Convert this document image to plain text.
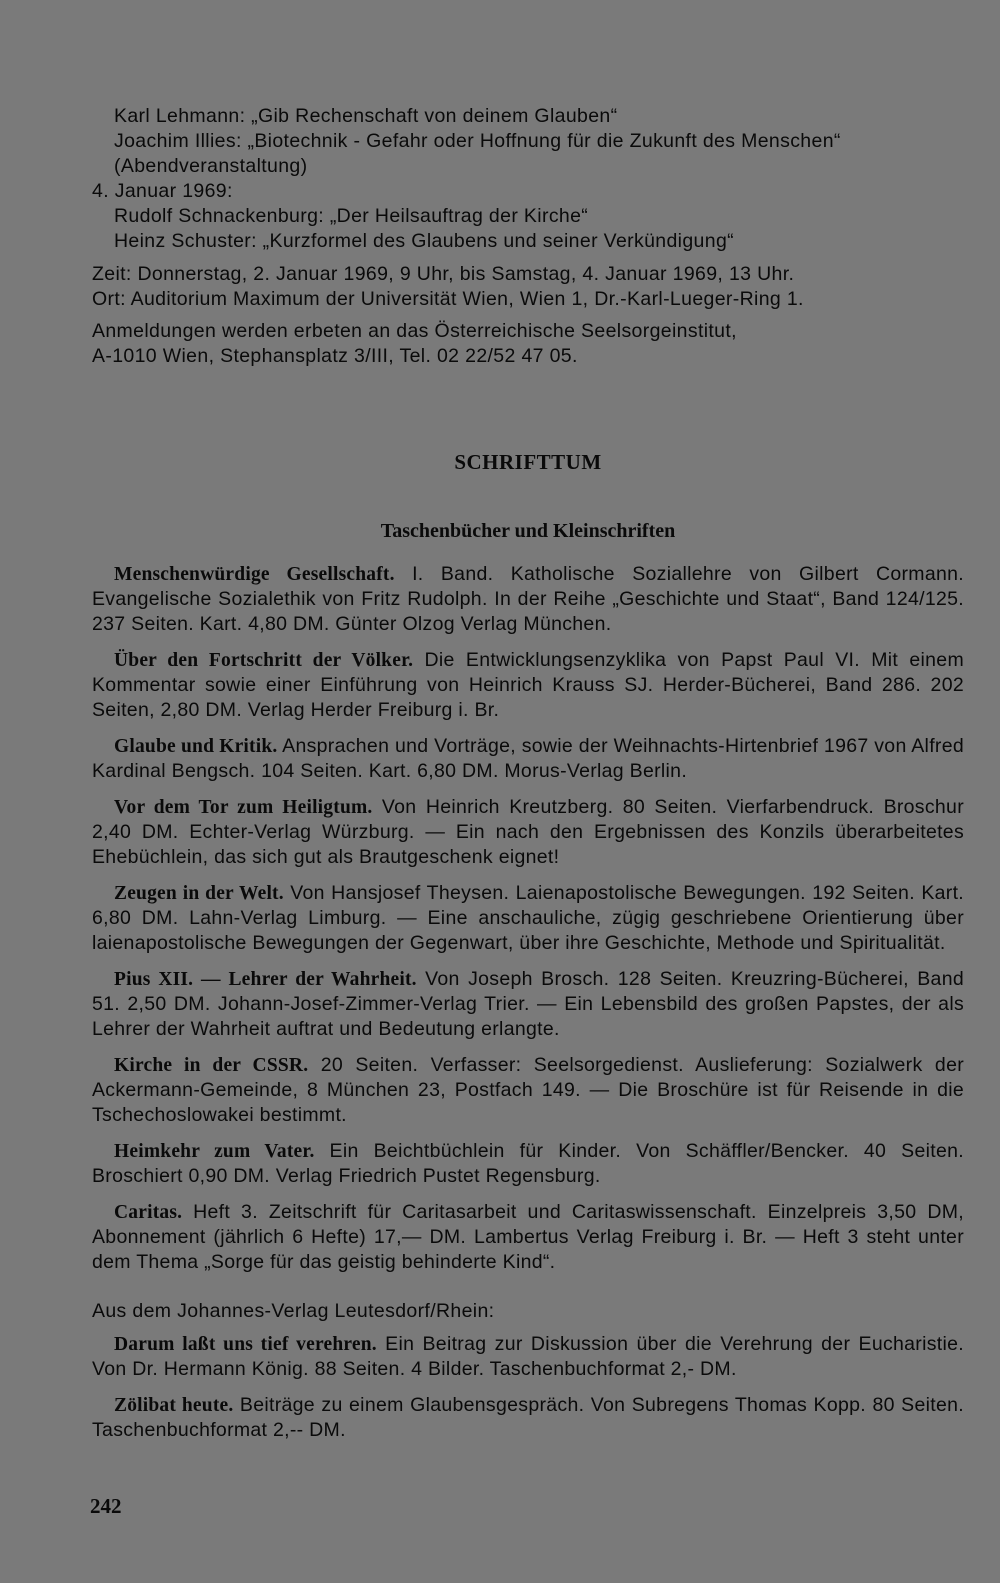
Karl Lehmann: „Gib Rechenschaft von deinem Glauben“
Joachim Illies: „Biotechnik - Gefahr oder Hoffnung für die Zukunft des Menschen“
(Abendveranstaltung)
4. Januar 1969:
Rudolf Schnackenburg: „Der Heilsauftrag der Kirche“
Heinz Schuster: „Kurzformel des Glaubens und seiner Verkündigung“
Zeit: Donnerstag, 2. Januar 1969, 9 Uhr, bis Samstag, 4. Januar 1969, 13 Uhr.
Ort: Auditorium Maximum der Universität Wien, Wien 1, Dr.-Karl-Lueger-Ring 1.
Anmeldungen werden erbeten an das Österreichische Seelsorgeinstitut,
A-1010 Wien, Stephansplatz 3/III, Tel. 02 22/52 47 05.
SCHRIFTTUM
Taschenbücher und Kleinschriften
Menschenwürdige Gesellschaft. I. Band. Katholische Soziallehre von Gilbert Cormann. Evangelische Sozialethik von Fritz Rudolph. In der Reihe „Geschichte und Staat“, Band 124/125. 237 Seiten. Kart. 4,80 DM. Günter Olzog Verlag München.
Über den Fortschritt der Völker. Die Entwicklungsenzyklika von Papst Paul VI. Mit einem Kommentar sowie einer Einführung von Heinrich Krauss SJ. Herder-Bücherei, Band 286. 202 Seiten, 2,80 DM. Verlag Herder Freiburg i. Br.
Glaube und Kritik. Ansprachen und Vorträge, sowie der Weihnachts-Hirtenbrief 1967 von Alfred Kardinal Bengsch. 104 Seiten. Kart. 6,80 DM. Morus-Verlag Berlin.
Vor dem Tor zum Heiligtum. Von Heinrich Kreutzberg. 80 Seiten. Vierfarbendruck. Broschur 2,40 DM. Echter-Verlag Würzburg. — Ein nach den Ergebnissen des Konzils überarbeitetes Ehebüchlein, das sich gut als Brautgeschenk eignet!
Zeugen in der Welt. Von Hansjosef Theysen. Laienapostolische Bewegungen. 192 Seiten. Kart. 6,80 DM. Lahn-Verlag Limburg. — Eine anschauliche, zügig geschriebene Orientierung über laienapostolische Bewegungen der Gegenwart, über ihre Geschichte, Methode und Spiritualität.
Pius XII. — Lehrer der Wahrheit. Von Joseph Brosch. 128 Seiten. Kreuzring-Bücherei, Band 51. 2,50 DM. Johann-Josef-Zimmer-Verlag Trier. — Ein Lebensbild des großen Papstes, der als Lehrer der Wahrheit auftrat und Bedeutung erlangte.
Kirche in der CSSR. 20 Seiten. Verfasser: Seelsorgedienst. Auslieferung: Sozialwerk der Ackermann-Gemeinde, 8 München 23, Postfach 149. — Die Broschüre ist für Reisende in die Tschechoslowakei bestimmt.
Heimkehr zum Vater. Ein Beichtbüchlein für Kinder. Von Schäffler/Bencker. 40 Seiten. Broschiert 0,90 DM. Verlag Friedrich Pustet Regensburg.
Caritas. Heft 3. Zeitschrift für Caritasarbeit und Caritaswissenschaft. Einzelpreis 3,50 DM, Abonnement (jährlich 6 Hefte) 17,— DM. Lambertus Verlag Freiburg i. Br. — Heft 3 steht unter dem Thema „Sorge für das geistig behinderte Kind“.
Aus dem Johannes-Verlag Leutesdorf/Rhein:
Darum laßt uns tief verehren. Ein Beitrag zur Diskussion über die Verehrung der Eucharistie. Von Dr. Hermann König. 88 Seiten. 4 Bilder. Taschenbuchformat 2,- DM.
Zölibat heute. Beiträge zu einem Glaubensgespräch. Von Subregens Thomas Kopp. 80 Seiten. Taschenbuchformat 2,-- DM.
242
